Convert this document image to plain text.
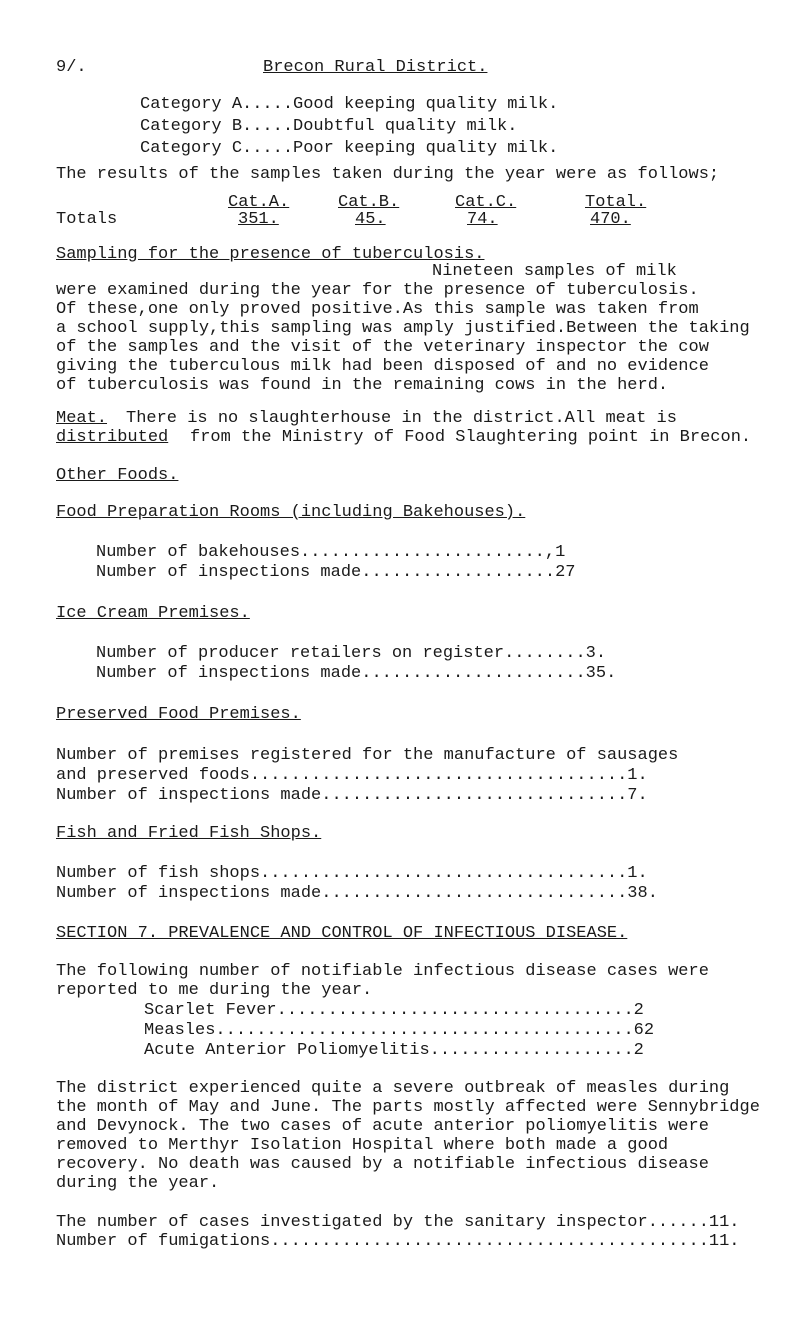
9/.	Brecon Rural District.
Category A.....Good keeping quality milk.
Category B.....Doubtful quality milk.
Category C.....Poor keeping quality milk.
The results of the samples taken during the year were as follows;
Cat.A.	Cat.B.	Cat.C.	Total.
Totals	351.	45.	74.	470.
Sampling for the presence of tuberculosis.
Nineteen samples of milk
were examined during the year for the presence of tuberculosis.
Of these,one only proved positive.As this sample was taken from
a school supply,this sampling was amply justified.Between the taking
of the samples and the visit of the veterinary inspector the cow
giving the tuberculous milk had been disposed of and no evidence
of tuberculosis was found in the remaining cows in the herd.
Meat. There is no slaughterhouse in the district.All meat is
distributed from the Ministry of Food Slaughtering point in Brecon.
Other Foods.
Food Preparation Rooms (including Bakehouses).
Number of bakehouses........................,1
Number of inspections made...................27
Ice Cream Premises.
Number of producer retailers on register........3.
Number of inspections made......................35.
Preserved Food Premises.
Number of premises registered for the manufacture of sausages
and preserved foods.....................................1.
Number of inspections made..............................7.
Fish and Fried Fish Shops.
Number of fish shops....................................1.
Number of inspections made..............................38.
SECTION 7. PREVALENCE AND CONTROL OF INFECTIOUS DISEASE.
The following number of notifiable infectious disease cases were
reported to me during the year.
Scarlet Fever...................................2
Measles.........................................62
Acute Anterior Poliomyelitis....................2
The district experienced quite a severe outbreak of measles during
the month of May and June. The parts mostly affected were Sennybridge
and Devynock. The two cases of acute anterior poliomyelitis were
removed to Merthyr Isolation Hospital where both made a good
recovery. No death was caused by a notifiable infectious disease
during the year.
The number of cases investigated by the sanitary inspector......11.
Number of fumigations...........................................11.
